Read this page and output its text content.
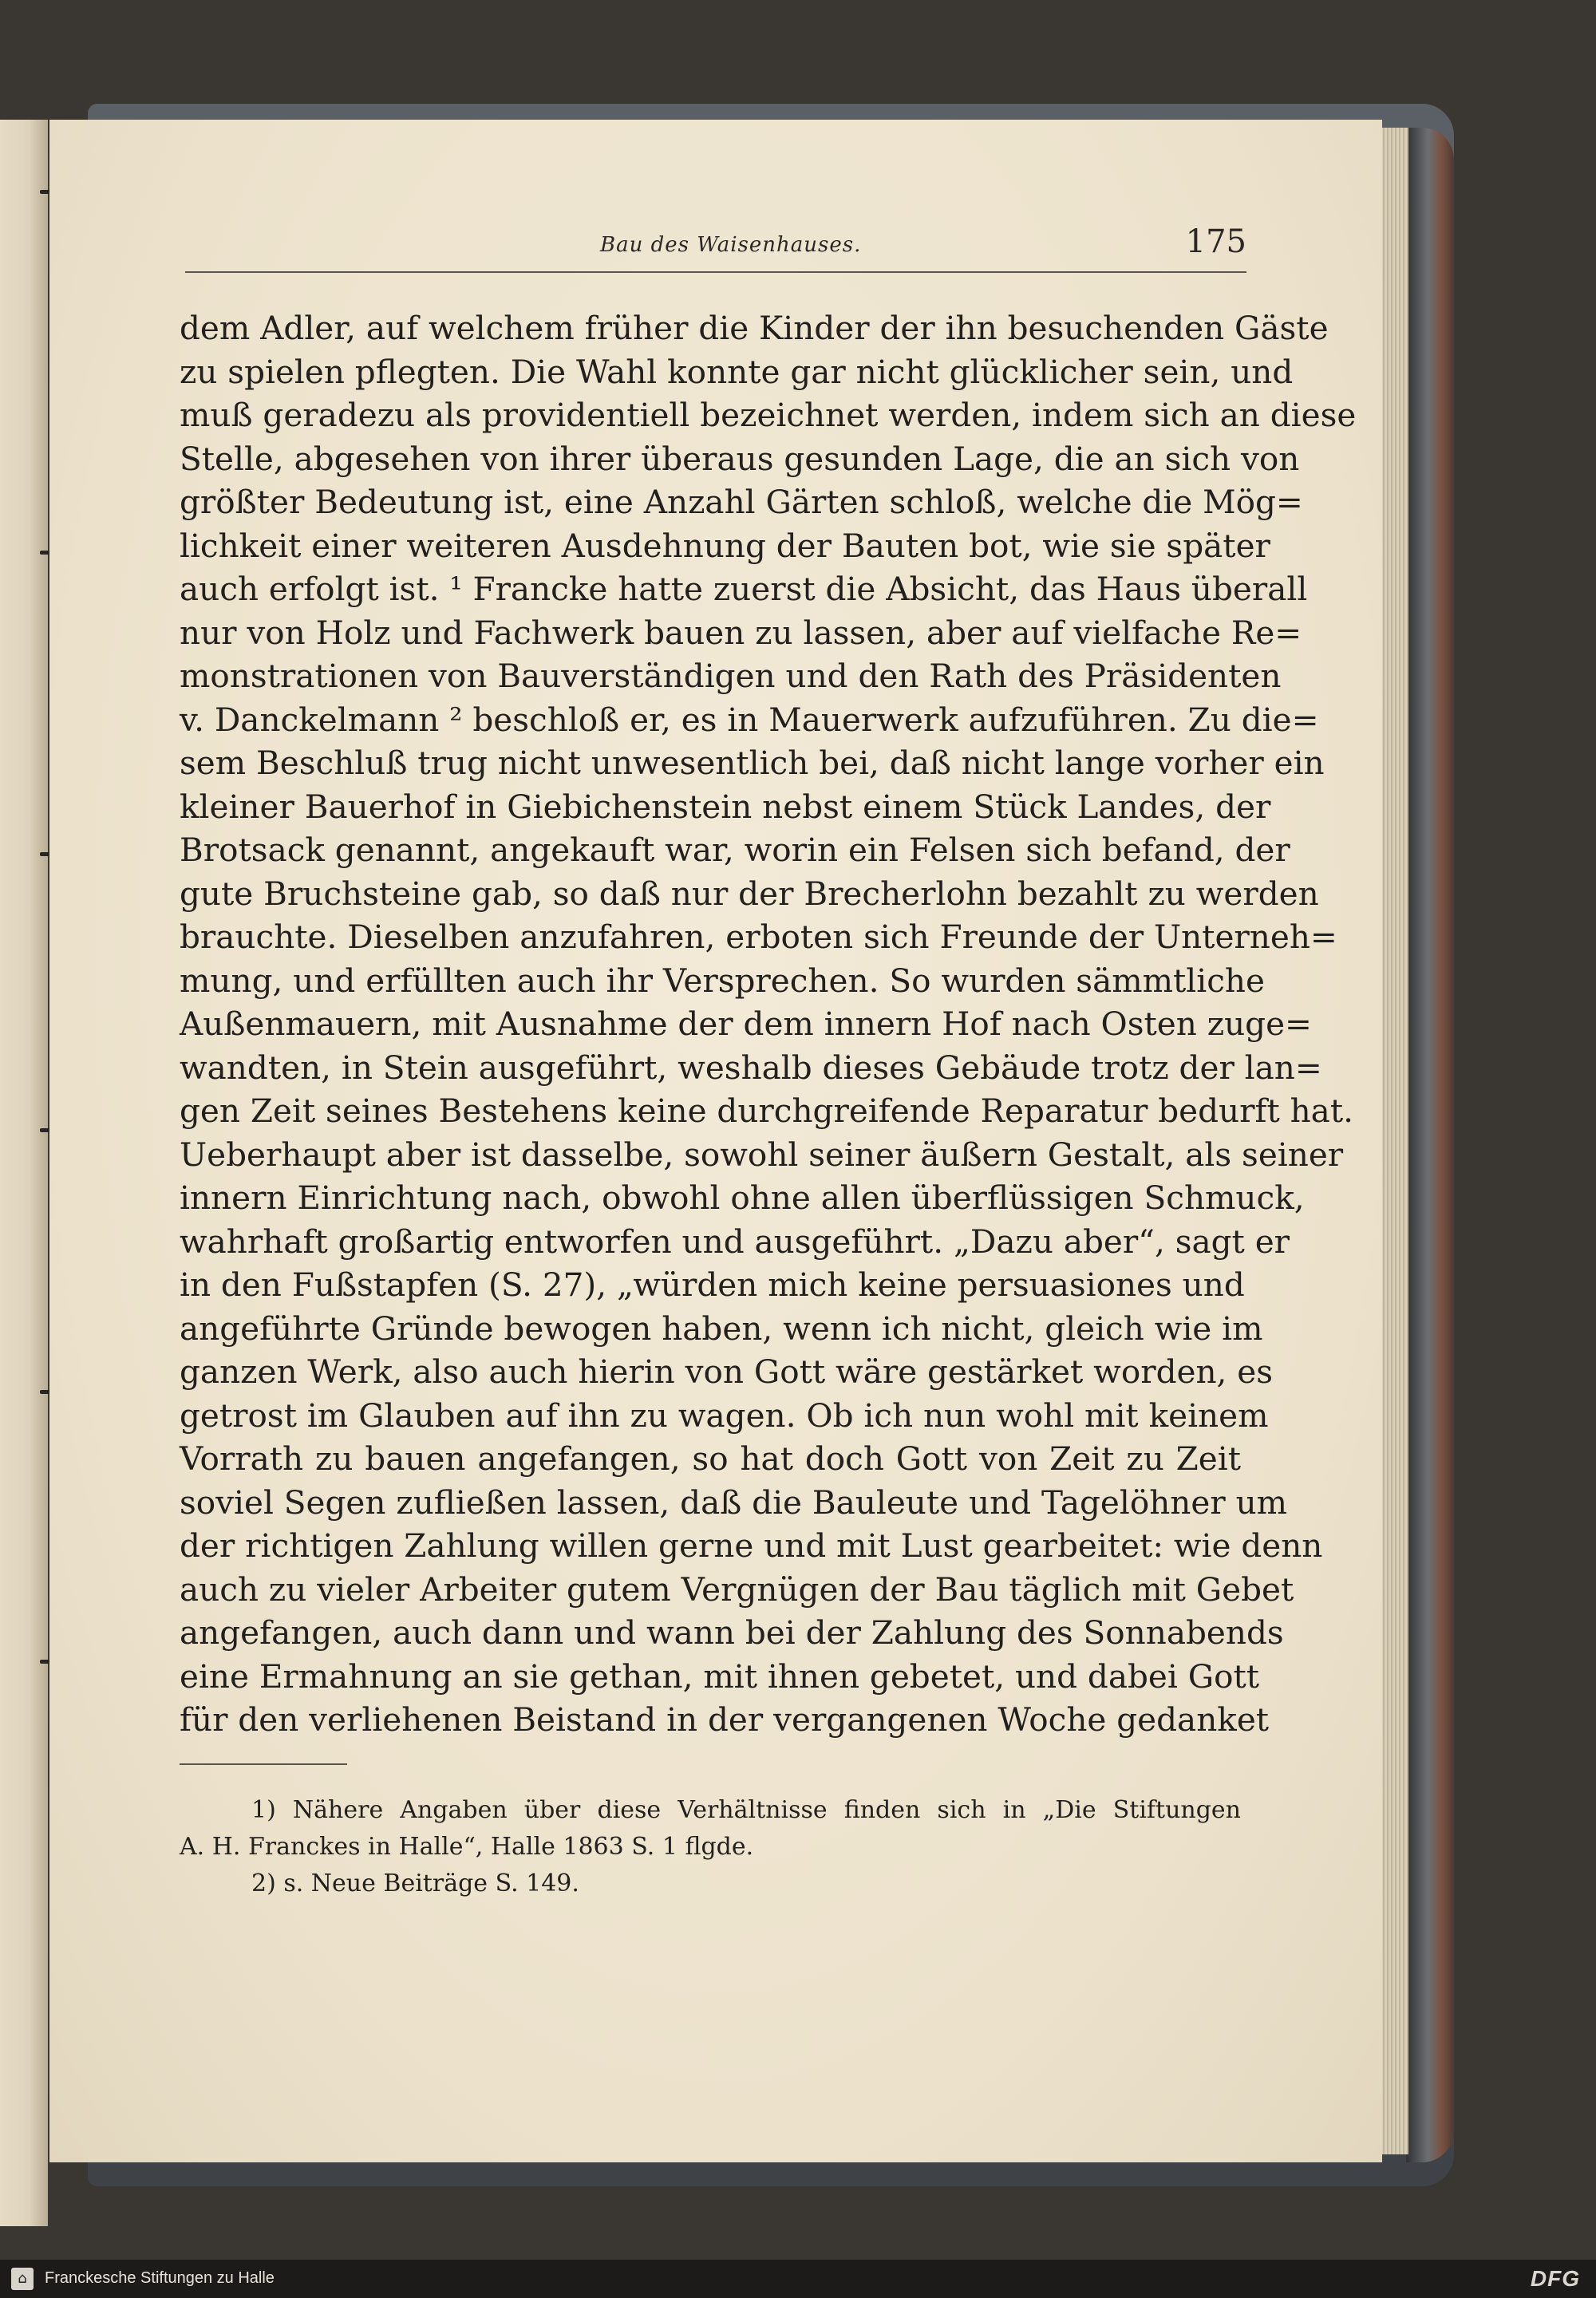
Bau des Waisenhauses.	175
dem Adler, auf welchem früher die Kinder der ihn besuchenden Gäste
zu spielen pflegten. Die Wahl konnte gar nicht glücklicher sein, und
muß geradezu als providentiell bezeichnet werden, indem sich an diese
Stelle, abgesehen von ihrer überaus gesunden Lage, die an sich von
größter Bedeutung ist, eine Anzahl Gärten schloß, welche die Mög=
lichkeit einer weiteren Ausdehnung der Bauten bot, wie sie später
auch erfolgt ist. ¹ Francke hatte zuerst die Absicht, das Haus überall
nur von Holz und Fachwerk bauen zu lassen, aber auf vielfache Re=
monstrationen von Bauverständigen und den Rath des Präsidenten
v. Danckelmann ² beschloß er, es in Mauerwerk aufzuführen. Zu die=
sem Beschluß trug nicht unwesentlich bei, daß nicht lange vorher ein
kleiner Bauerhof in Giebichenstein nebst einem Stück Landes, der
Brotsack genannt, angekauft war, worin ein Felsen sich befand, der
gute Bruchsteine gab, so daß nur der Brecherlohn bezahlt zu werden
brauchte. Dieselben anzufahren, erboten sich Freunde der Unterneh=
mung, und erfüllten auch ihr Versprechen. So wurden sämmtliche
Außenmauern, mit Ausnahme der dem innern Hof nach Osten zuge=
wandten, in Stein ausgeführt, weshalb dieses Gebäude trotz der lan=
gen Zeit seines Bestehens keine durchgreifende Reparatur bedurft hat.
Ueberhaupt aber ist dasselbe, sowohl seiner äußern Gestalt, als seiner
innern Einrichtung nach, obwohl ohne allen überflüssigen Schmuck,
wahrhaft großartig entworfen und ausgeführt. „Dazu aber“, sagt er
in den Fußstapfen (S. 27), „würden mich keine persuasiones und
angeführte Gründe bewogen haben, wenn ich nicht, gleich wie im
ganzen Werk, also auch hierin von Gott wäre gestärket worden, es
getrost im Glauben auf ihn zu wagen. Ob ich nun wohl mit keinem
Vorrath zu bauen angefangen, so hat doch Gott von Zeit zu Zeit
soviel Segen zufließen lassen, daß die Bauleute und Tagelöhner um
der richtigen Zahlung willen gerne und mit Lust gearbeitet: wie denn
auch zu vieler Arbeiter gutem Vergnügen der Bau täglich mit Gebet
angefangen, auch dann und wann bei der Zahlung des Sonnabends
eine Ermahnung an sie gethan, mit ihnen gebetet, und dabei Gott
für den verliehenen Beistand in der vergangenen Woche gedanket
1) Nähere Angaben über diese Verhältnisse finden sich in „Die Stiftungen
A. H. Franckes in Halle“, Halle 1863 S. 1 flgde.
2) s. Neue Beiträge S. 149.
⌂	Franckesche Stiftungen zu Halle	DFG
